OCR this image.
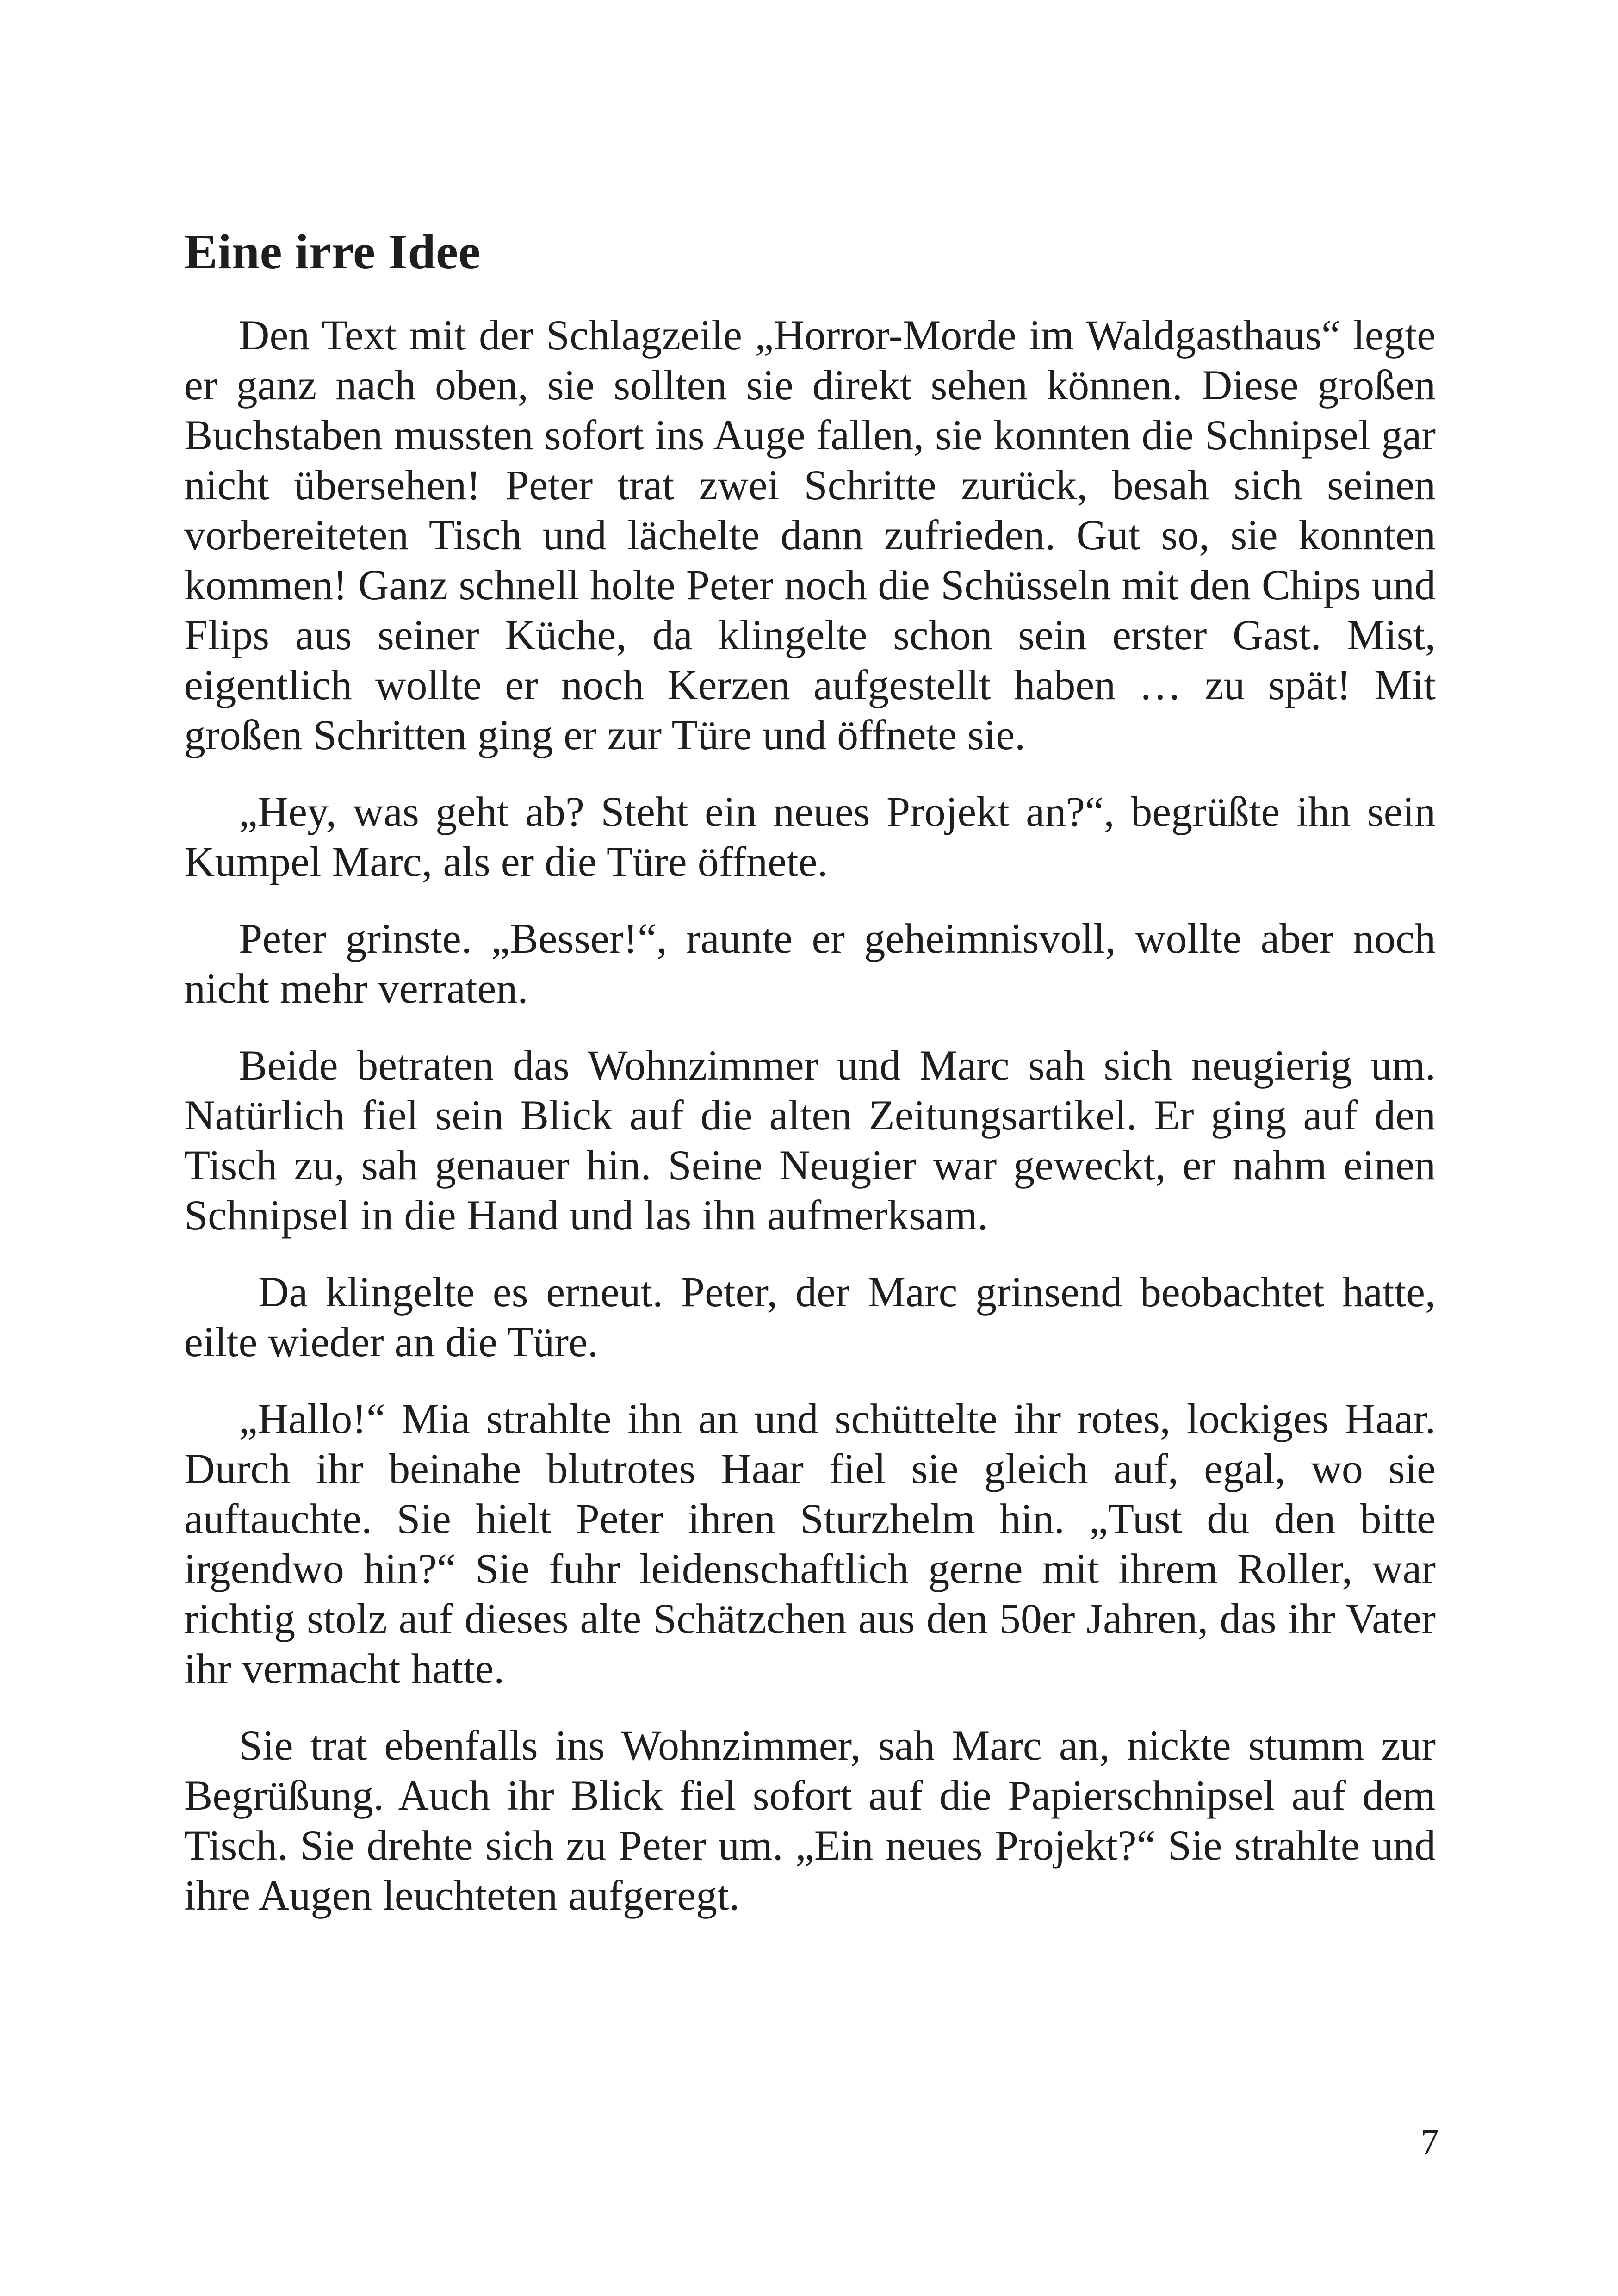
Eine irre Idee

Den Text mit der Schlagzeile „Horror-Morde im Waldgasthaus“ legte er ganz nach oben, sie sollten sie direkt sehen können. Diese großen Buchstaben mussten sofort ins Auge fallen, sie konnten die Schnipsel gar nicht übersehen! Peter trat zwei Schritte zurück, besah sich seinen vorbereiteten Tisch und lächelte dann zufrieden. Gut so, sie konnten kommen! Ganz schnell holte Peter noch die Schüsseln mit den Chips und Flips aus seiner Küche, da klingelte schon sein erster Gast. Mist, eigentlich wollte er noch Kerzen aufgestellt haben … zu spät! Mit großen Schritten ging er zur Türe und öffnete sie.

„Hey, was geht ab? Steht ein neues Projekt an?“, begrüßte ihn sein Kumpel Marc, als er die Türe öffnete.

Peter grinste. „Besser!“, raunte er geheimnisvoll, wollte aber noch nicht mehr verraten.

Beide betraten das Wohnzimmer und Marc sah sich neugierig um. Natürlich fiel sein Blick auf die alten Zeitungsartikel. Er ging auf den Tisch zu, sah genauer hin. Seine Neugier war geweckt, er nahm einen Schnipsel in die Hand und las ihn aufmerksam.

Da klingelte es erneut. Peter, der Marc grinsend beobachtet hatte, eilte wieder an die Türe.

„Hallo!“ Mia strahlte ihn an und schüttelte ihr rotes, lockiges Haar. Durch ihr beinahe blutrotes Haar fiel sie gleich auf, egal, wo sie auftauchte. Sie hielt Peter ihren Sturzhelm hin. „Tust du den bitte irgendwo hin?“ Sie fuhr leidenschaftlich gerne mit ihrem Roller, war richtig stolz auf dieses alte Schätzchen aus den 50er Jahren, das ihr Vater ihr vermacht hatte.

Sie trat ebenfalls ins Wohnzimmer, sah Marc an, nickte stumm zur Begrüßung. Auch ihr Blick fiel sofort auf die Papierschnipsel auf dem Tisch. Sie drehte sich zu Peter um. „Ein neues Projekt?“ Sie strahlte und ihre Augen leuchteten aufgeregt.

7
